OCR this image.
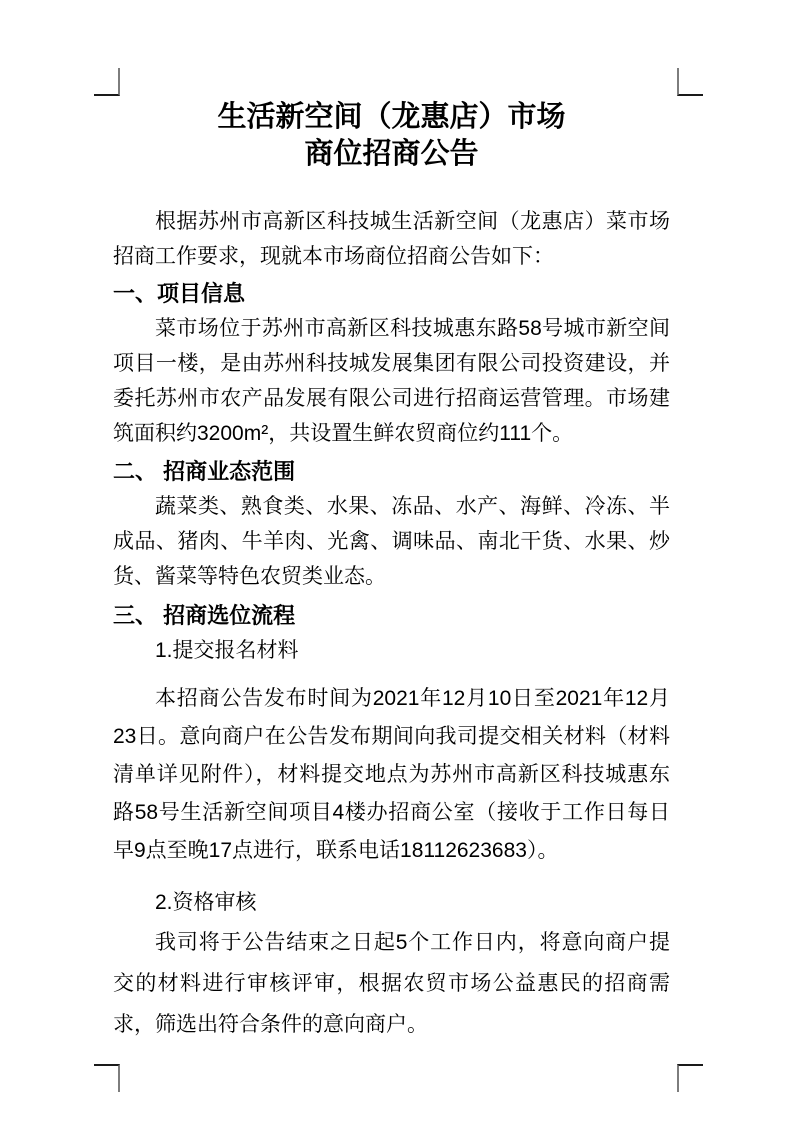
生活新空间（龙惠店）市场
商位招商公告
根据苏州市高新区科技城生活新空间（龙惠店）菜市场
招商工作要求，现就本市场商位招商公告如下：
一、项目信息
菜市场位于苏州市高新区科技城惠东路58号城市新空间
项目一楼，是由苏州科技城发展集团有限公司投资建设，并
委托苏州市农产品发展有限公司进行招商运营管理。市场建
筑面积约3200m²，共设置生鲜农贸商位约111个。
二、 招商业态范围
蔬菜类、熟食类、水果、冻品、水产、海鲜、冷冻、半
成品、猪肉、牛羊肉、光禽、调味品、南北干货、水果、炒
货、酱菜等特色农贸类业态。
三、 招商选位流程
1.提交报名材料
本招商公告发布时间为2021年12月10日至2021年12月
23日。意向商户在公告发布期间向我司提交相关材料（材料
清单详见附件），材料提交地点为苏州市高新区科技城惠东
路58号生活新空间项目4楼办招商公室（接收于工作日每日
早9点至晚17点进行，联系电话18112623683）。
2.资格审核
我司将于公告结束之日起5个工作日内，将意向商户提
交的材料进行审核评审，根据农贸市场公益惠民的招商需
求，筛选出符合条件的意向商户。
